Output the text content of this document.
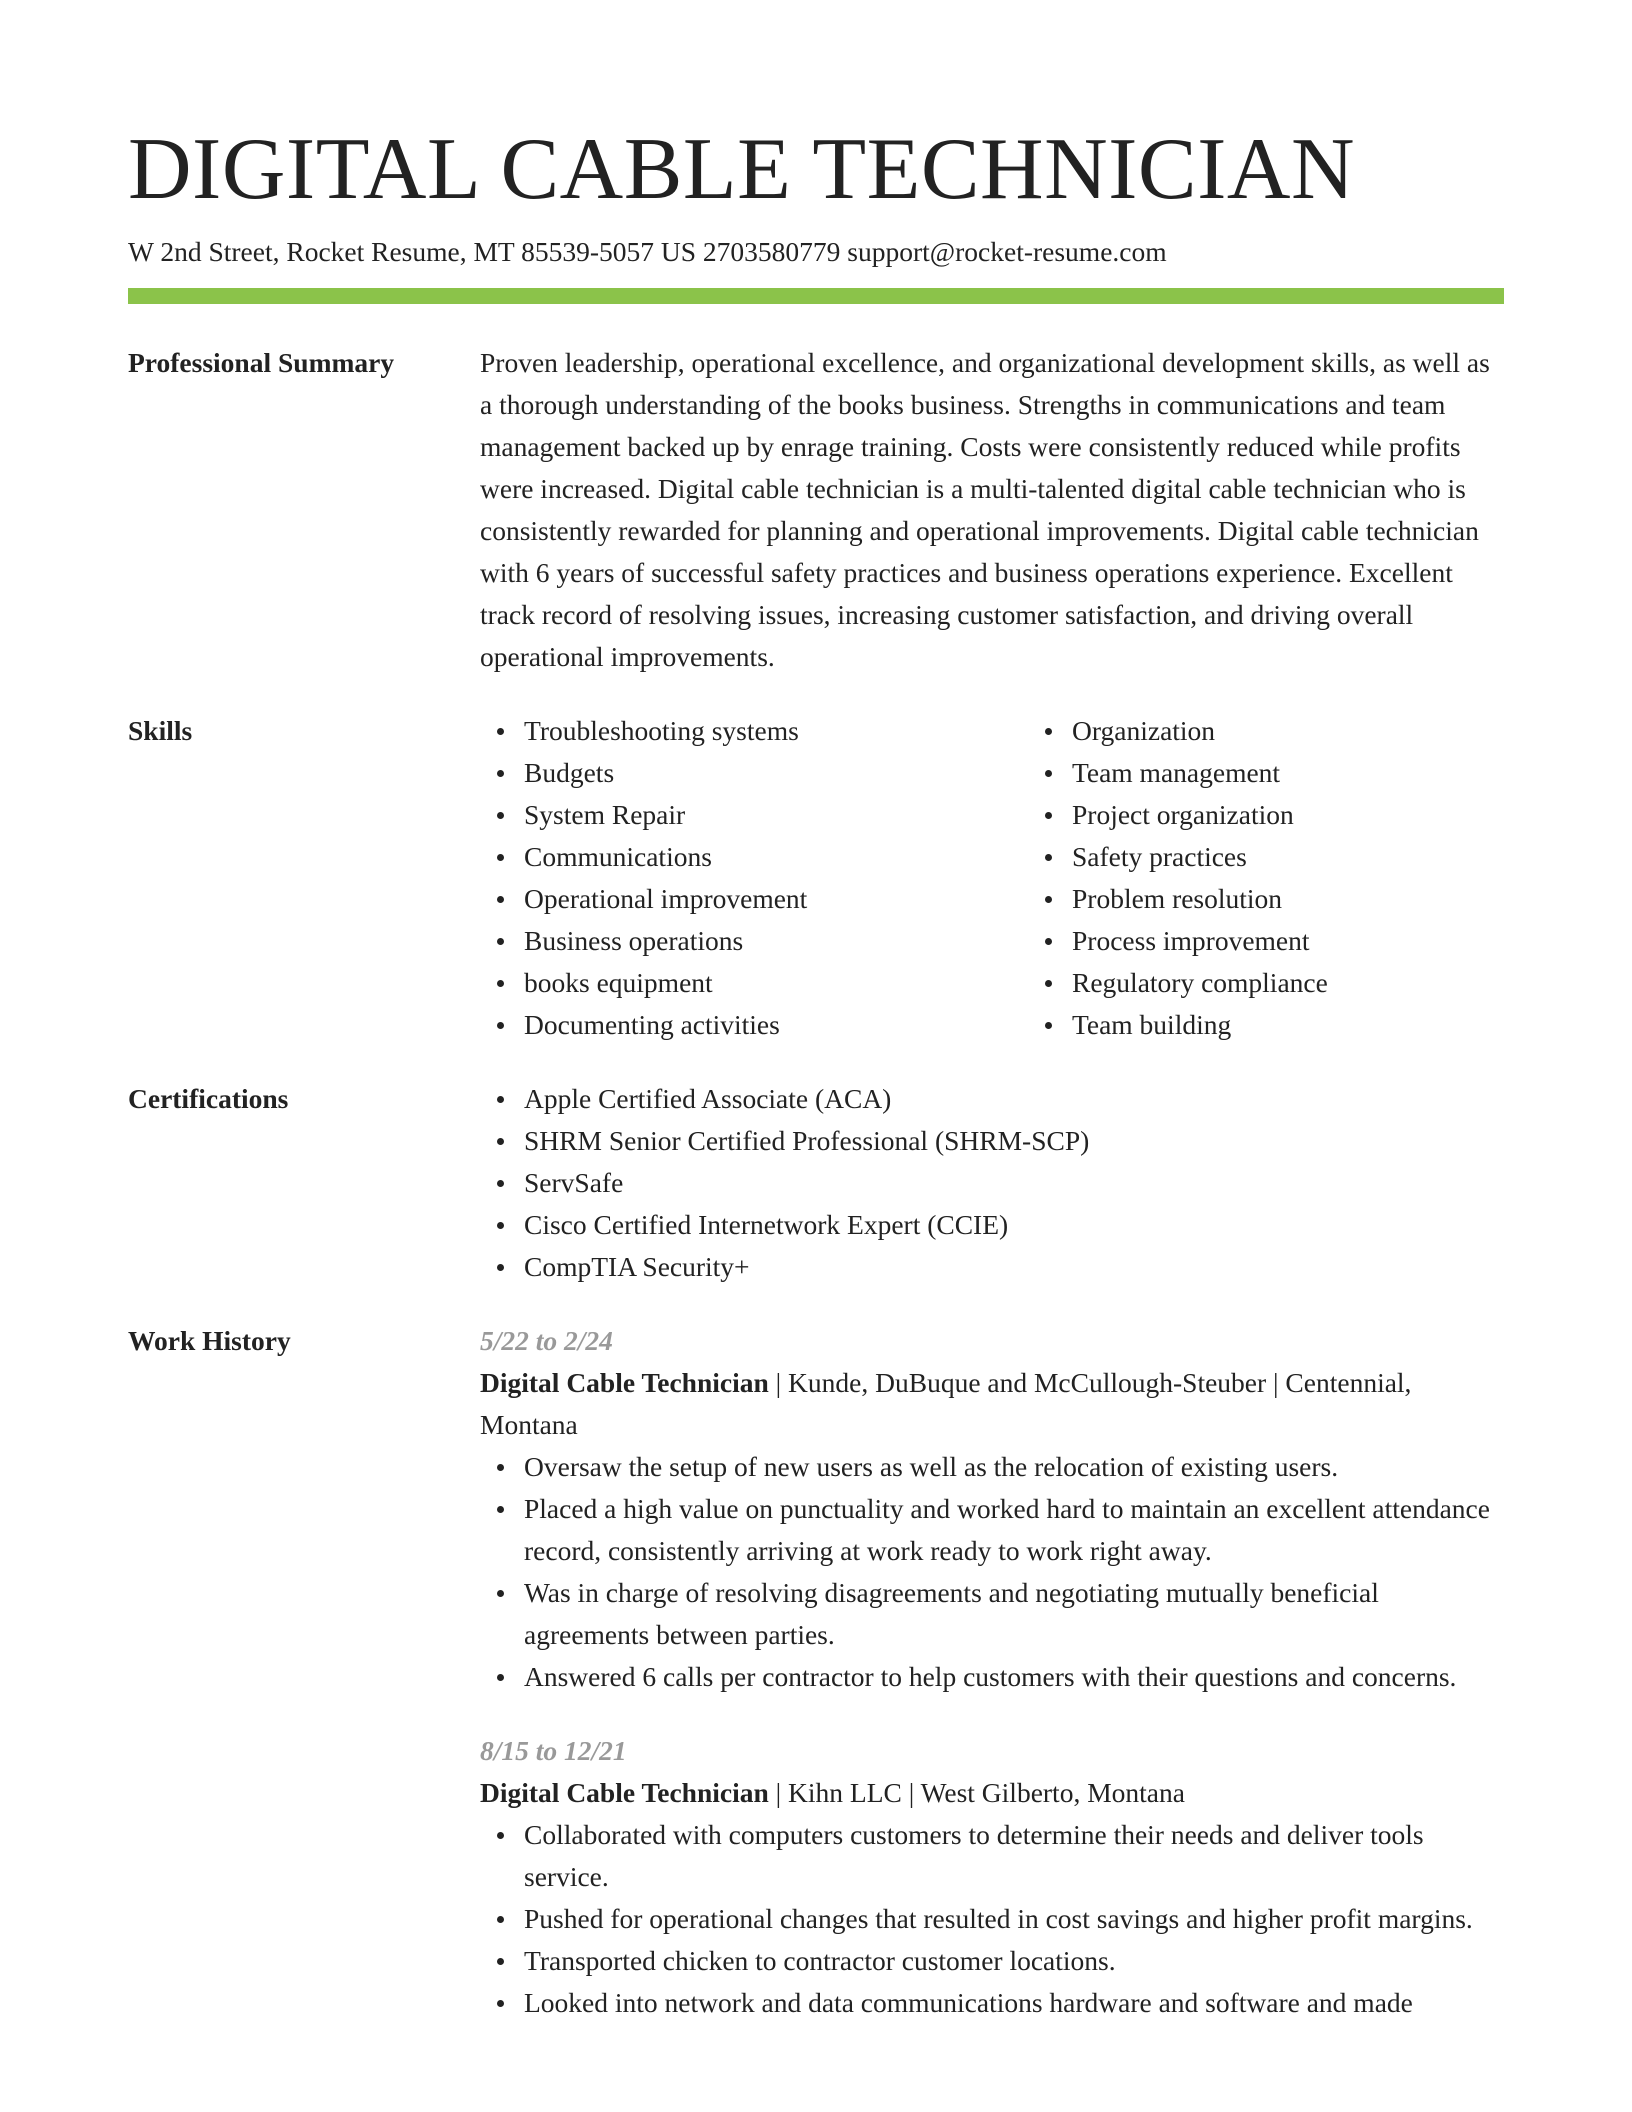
DIGITAL CABLE TECHNICIAN
W 2nd Street, Rocket Resume, MT 85539-5057 US 2703580779 support@rocket-resume.com
Professional Summary	Proven leadership, operational excellence, and organizational development skills, as well as a thorough understanding of the books business. Strengths in communications and team management backed up by enrage training. Costs were consistently reduced while profits were increased. Digital cable technician is a multi-talented digital cable technician who is consistently rewarded for planning and operational improvements. Digital cable technician with 6 years of successful safety practices and business operations experience. Excellent track record of resolving issues, increasing customer satisfaction, and driving overall operational improvements.

Skills	Troubleshooting systems
Budgets
System Repair
Communications
Operational improvement
Business operations
books equipment
Documenting activities
Organization
Team management
Project organization
Safety practices
Problem resolution
Process improvement
Regulatory compliance
Team building
Certifications	Apple Certified Associate (ACA)
SHRM Senior Certified Professional (SHRM-SCP)
ServSafe
Cisco Certified Internetwork Expert (CCIE)
CompTIA Security+
Work History	5/22 to 2/24
Digital Cable Technician | Kunde, DuBuque and McCullough-Steuber | Centennial, Montana
Oversaw the setup of new users as well as the relocation of existing users.
Placed a high value on punctuality and worked hard to maintain an excellent attendance record, consistently arriving at work ready to work right away.
Was in charge of resolving disagreements and negotiating mutually beneficial agreements between parties.
Answered 6 calls per contractor to help customers with their questions and concerns.
8/15 to 12/21
Digital Cable Technician | Kihn LLC | West Gilberto, Montana
Collaborated with computers customers to determine their needs and deliver tools service.
Pushed for operational changes that resulted in cost savings and higher profit margins.
Transported chicken to contractor customer locations.
Looked into network and data communications hardware and software and made
